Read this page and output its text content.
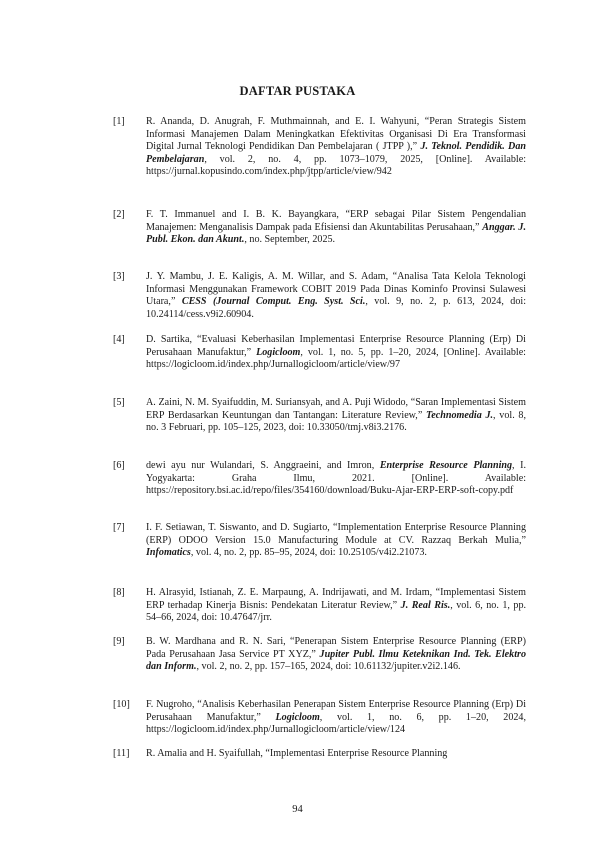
DAFTAR PUSTAKA
[1]	R. Ananda, D. Anugrah, F. Muthmainnah, and E. I. Wahyuni, “Peran Strategis Sistem Informasi Manajemen Dalam Meningkatkan Efektivitas Organisasi Di Era Transformasi Digital Jurnal Teknologi Pendidikan Dan Pembelajaran ( JTPP ),” J. Teknol. Pendidik. Dan Pembelajaran, vol. 2, no. 4, pp. 1073–1079, 2025, [Online]. Available: https://jurnal.kopusindo.com/index.php/jtpp/article/view/942
[2]	F. T. Immanuel and I. B. K. Bayangkara, “ERP sebagai Pilar Sistem Pengendalian Manajemen: Menganalisis Dampak pada Efisiensi dan Akuntabilitas Perusahaan,” Anggar. J. Publ. Ekon. dan Akunt., no. September, 2025.
[3]	J. Y. Mambu, J. E. Kaligis, A. M. Willar, and S. Adam, “Analisa Tata Kelola Teknologi Informasi Menggunakan Framework COBIT 2019 Pada Dinas Kominfo Provinsi Sulawesi Utara,” CESS (Journal Comput. Eng. Syst. Sci., vol. 9, no. 2, p. 613, 2024, doi: 10.24114/cess.v9i2.60904.
[4]	D. Sartika, “Evaluasi Keberhasilan Implementasi Enterprise Resource Planning (Erp) Di Perusahaan Manufaktur,” Logicloom, vol. 1, no. 5, pp. 1–20, 2024, [Online]. Available: https://logicloom.id/index.php/Jurnallogicloom/article/view/97
[5]	A. Zaini, N. M. Syaifuddin, M. Suriansyah, and A. Puji Widodo, “Saran Implementasi Sistem ERP Berdasarkan Keuntungan dan Tantangan: Literature Review,” Technomedia J., vol. 8, no. 3 Februari, pp. 105–125, 2023, doi: 10.33050/tmj.v8i3.2176.
[6]	dewi ayu nur Wulandari, S. Anggraeini, and Imron, Enterprise Resource Planning, I. Yogyakarta: Graha Ilmu, 2021. [Online]. Available: https://repository.bsi.ac.id/repo/files/354160/download/Buku-Ajar-ERP-ERP-soft-copy.pdf
[7]	I. F. Setiawan, T. Siswanto, and D. Sugiarto, “Implementation Enterprise Resource Planning (ERP) ODOO Version 15.0 Manufacturing Module at CV. Razzaq Berkah Mulia,” Infomatics, vol. 4, no. 2, pp. 85–95, 2024, doi: 10.25105/v4i2.21073.
[8]	H. Alrasyid, Istianah, Z. E. Marpaung, A. Indrijawati, and M. Irdam, “Implementasi Sistem ERP terhadap Kinerja Bisnis: Pendekatan Literatur Review,” J. Real Ris., vol. 6, no. 1, pp. 54–66, 2024, doi: 10.47647/jrr.
[9]	B. W. Mardhana and R. N. Sari, “Penerapan Sistem Enterprise Resource Planning (ERP) Pada Perusahaan Jasa Service PT XYZ,” Jupiter Publ. Ilmu Keteknikan Ind. Tek. Elektro dan Inform., vol. 2, no. 2, pp. 157–165, 2024, doi: 10.61132/jupiter.v2i2.146.
[10]	F. Nugroho, “Analisis Keberhasilan Penerapan Sistem Enterprise Resource Planning (Erp) Di Perusahaan Manufaktur,” Logicloom, vol. 1, no. 6, pp. 1–20, 2024, https://logicloom.id/index.php/Jurnallogicloom/article/view/124
[11]	R. Amalia and H. Syaifullah, “Implementasi Enterprise Resource Planning
94
